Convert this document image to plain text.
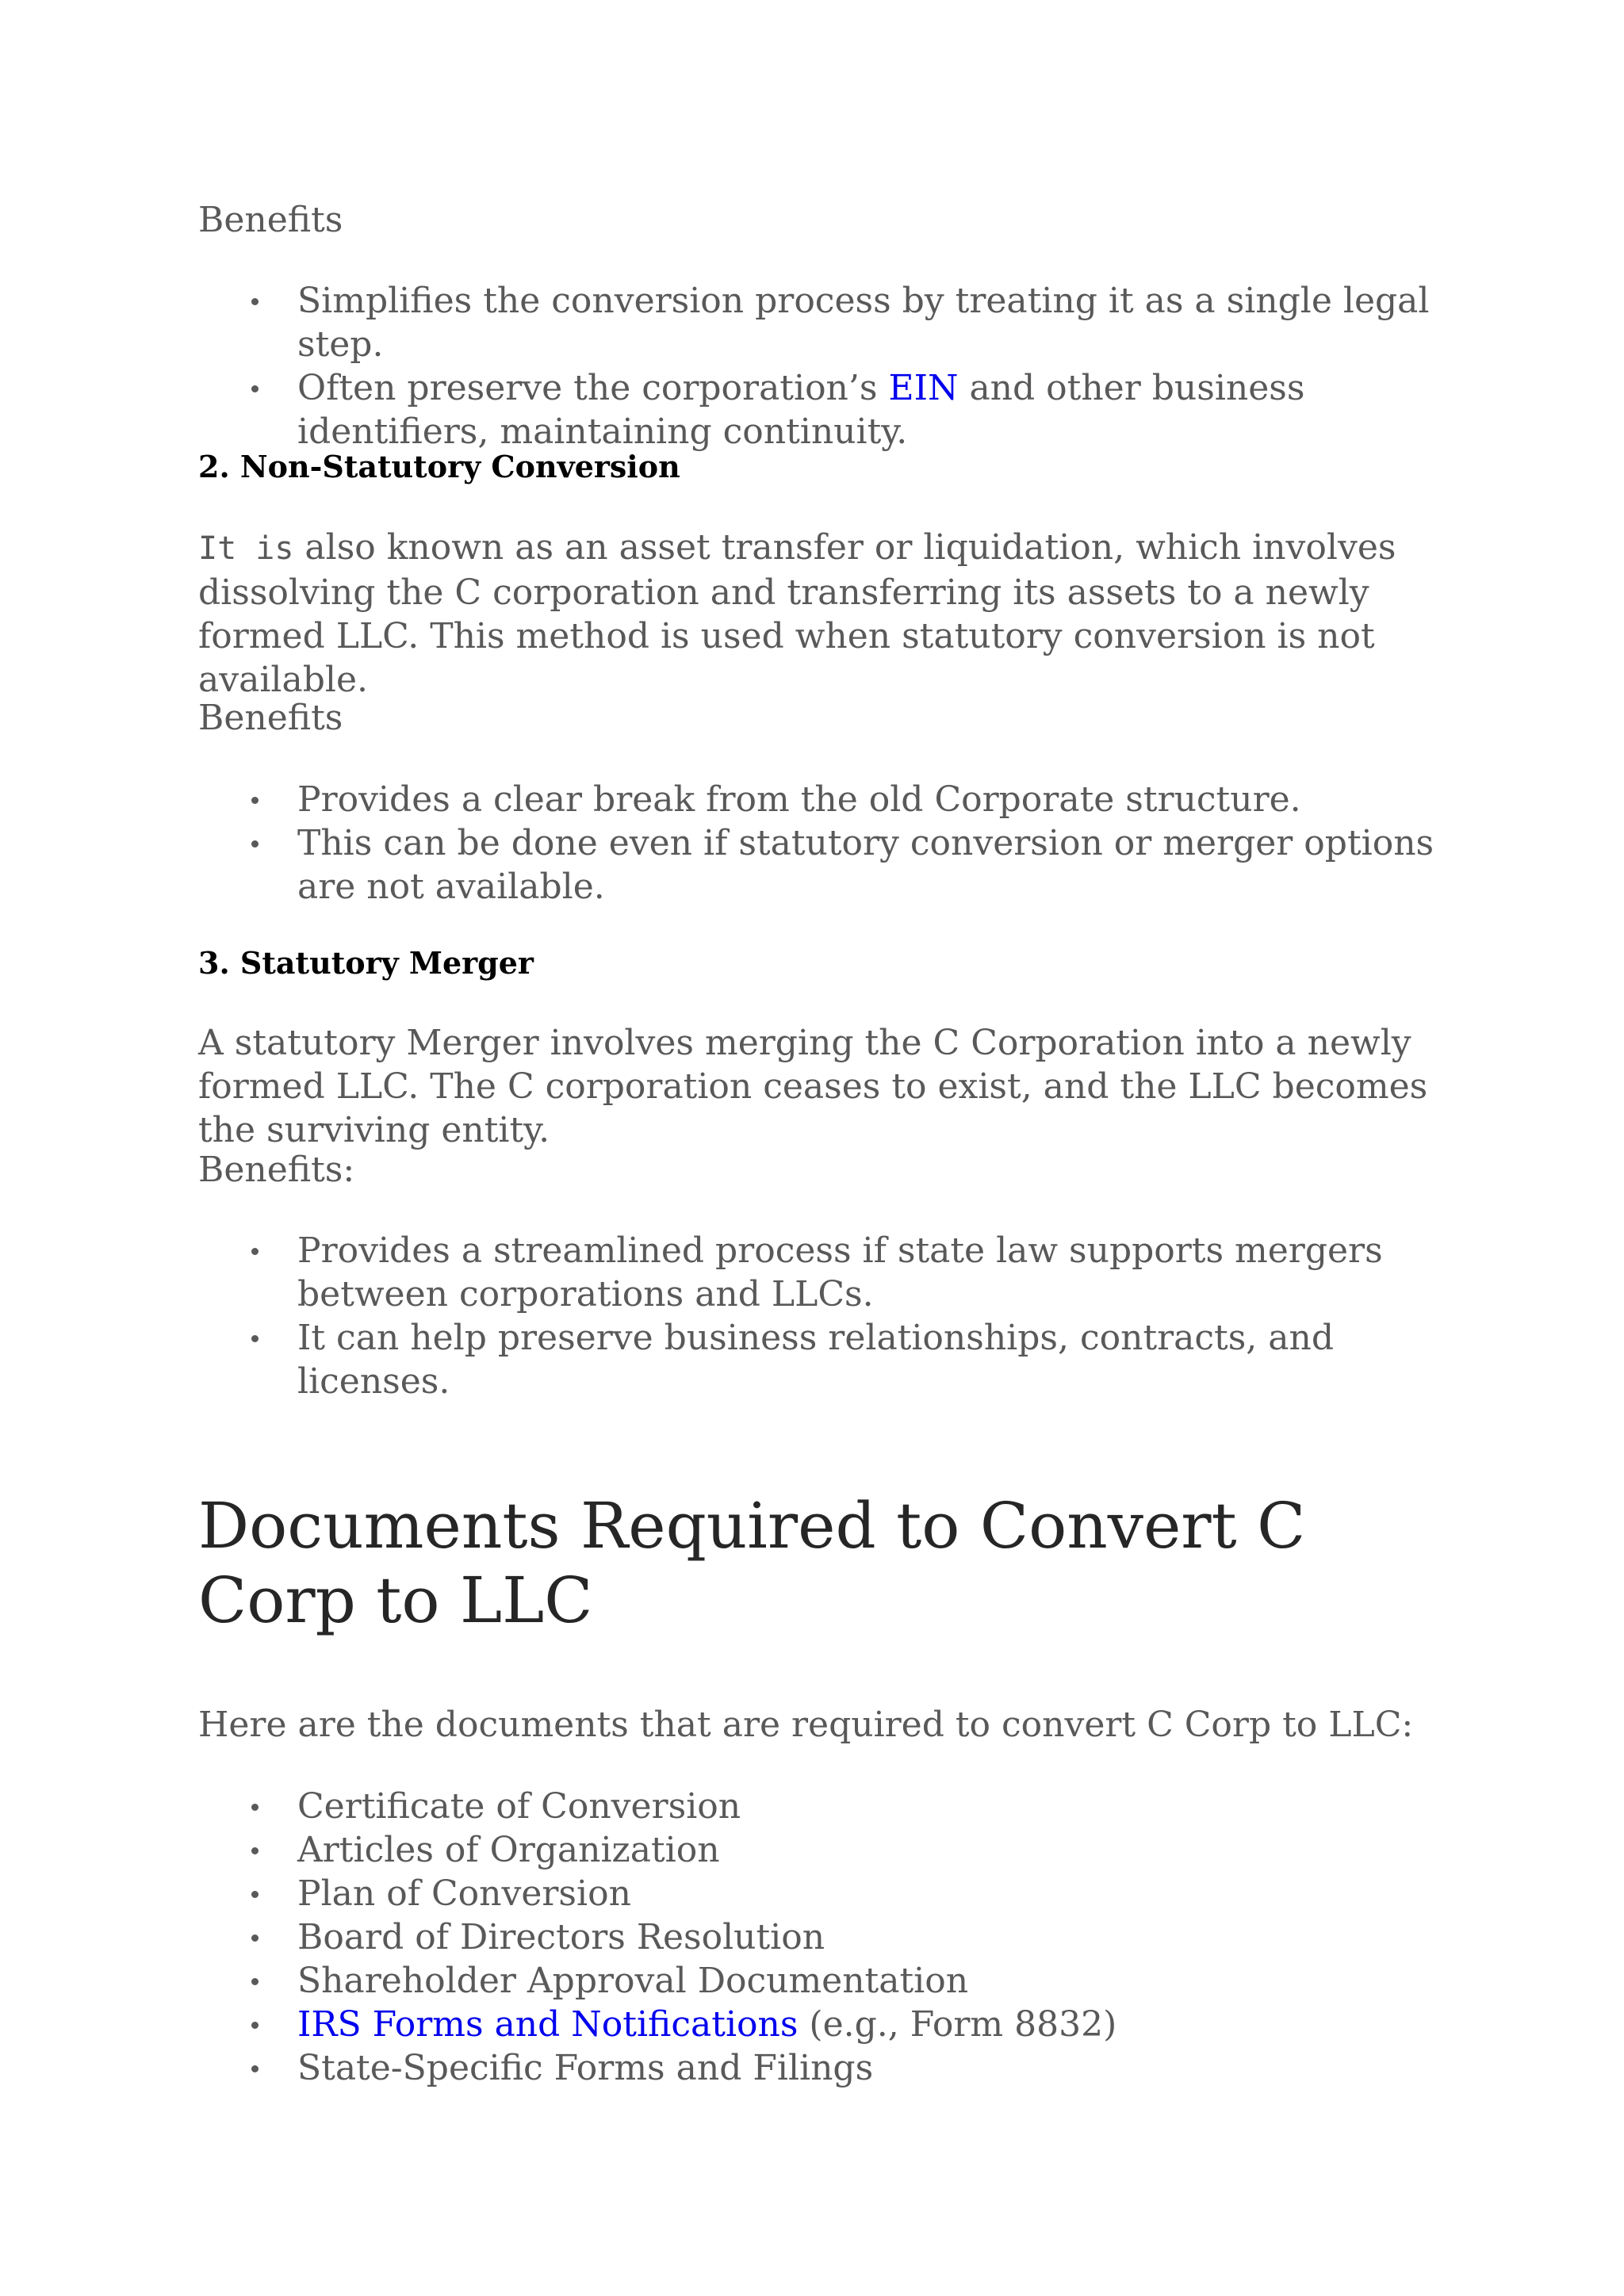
Benefits

Simplifies the conversion process by treating it as a single legal step.
Often preserve the corporation’s EIN and other business identifiers, maintaining continuity.
2. Non-Statutory Conversion

It is also known as an asset transfer or liquidation, which involves dissolving the C corporation and transferring its assets to a newly formed LLC. This method is used when statutory conversion is not available.

Benefits

Provides a clear break from the old Corporate structure.
This can be done even if statutory conversion or merger options are not available.
3. Statutory Merger

A statutory Merger involves merging the C Corporation into a newly formed LLC. The C corporation ceases to exist, and the LLC becomes the surviving entity.

Benefits:

Provides a streamlined process if state law supports mergers between corporations and LLCs.
It can help preserve business relationships, contracts, and licenses.
Documents Required to Convert C Corp to LLC

Here are the documents that are required to convert C Corp to LLC:

Certificate of Conversion
Articles of Organization
Plan of Conversion
Board of Directors Resolution
Shareholder Approval Documentation
IRS Forms and Notifications (e.g., Form 8832)
State-Specific Forms and Filings
